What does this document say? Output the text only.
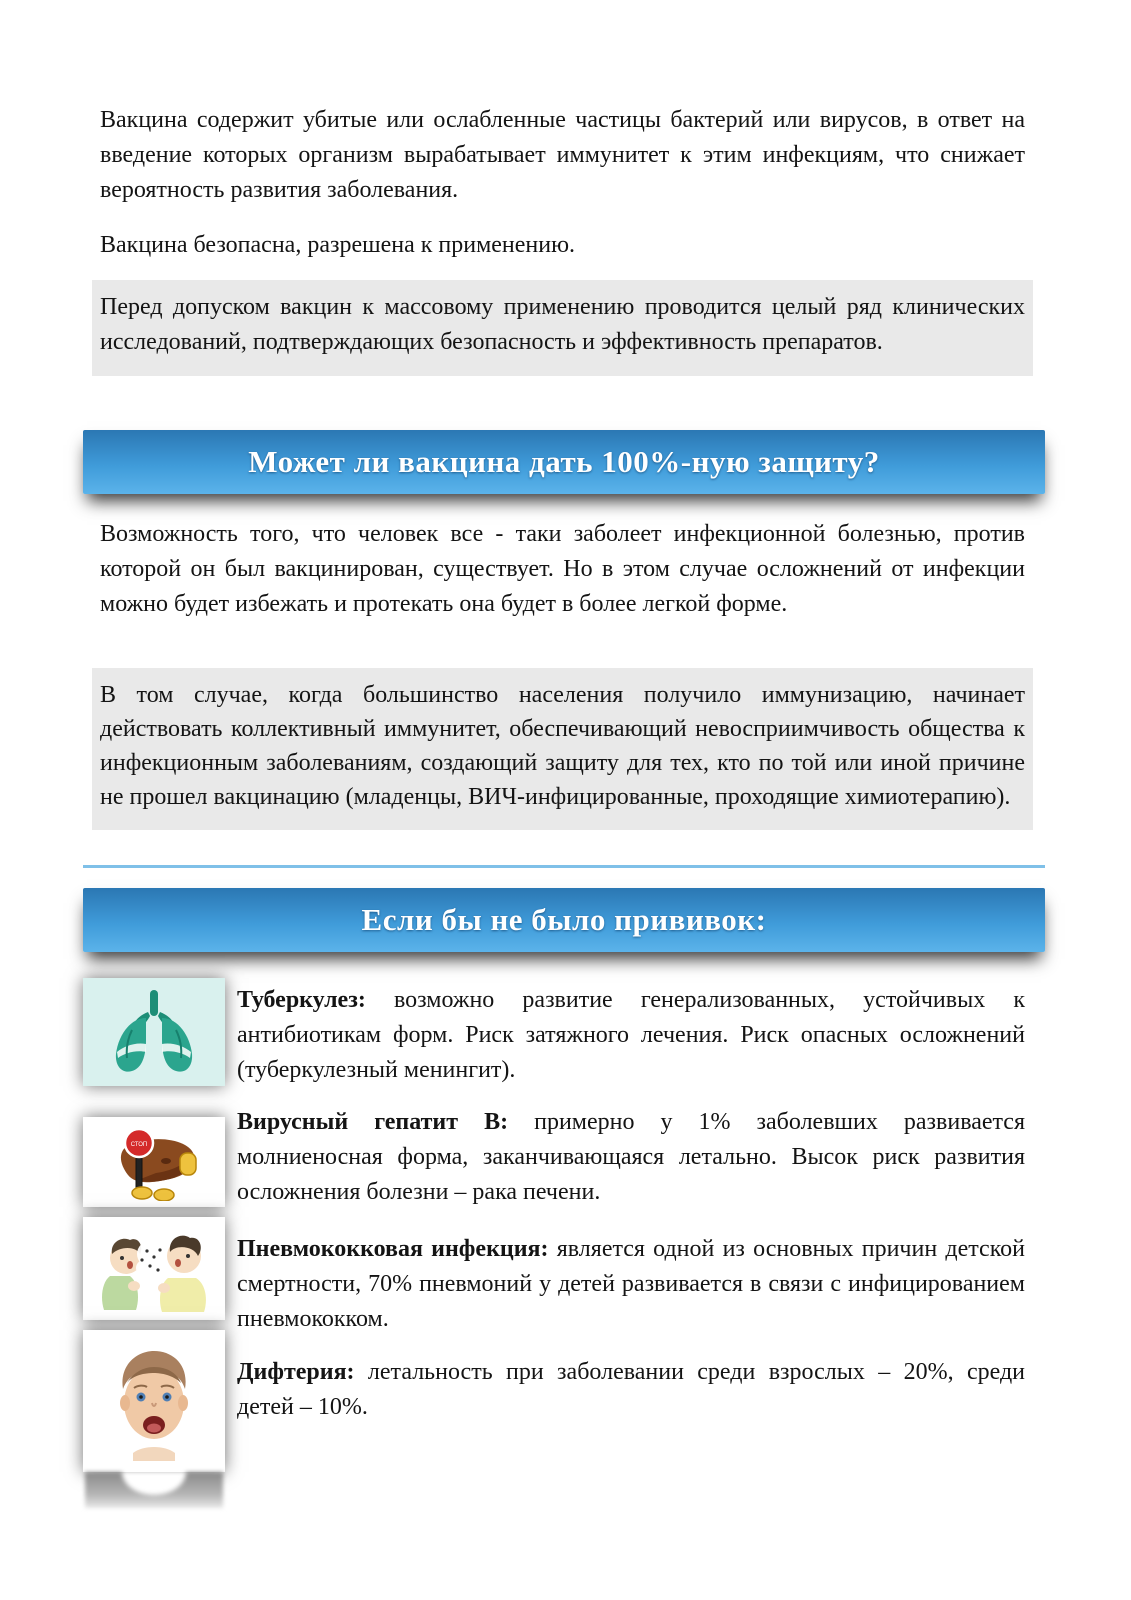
Вакцина содержит убитые или ослабленные частицы бактерий или вирусов, в ответ на введение которых организм вырабатывает иммунитет к этим инфекциям, что снижает вероятность развития заболевания.
Вакцина безопасна, разрешена к применению.
Перед допуском вакцин к массовому применению проводится целый ряд клинических исследований, подтверждающих безопасность и эффективность препаратов.
Может ли вакцина дать 100%-ную защиту?
Возможность того, что человек все - таки заболеет инфекционной болезнью, против которой он был вакцинирован, существует. Но в этом случае осложнений от инфекции можно будет избежать и протекать она будет в более легкой форме.
В том случае, когда большинство населения получило иммунизацию, начинает действовать коллективный иммунитет, обеспечивающий невосприимчивость общества к инфекционным заболеваниям, создающий защиту для тех, кто по той или иной причине не прошел вакцинацию (младенцы, ВИЧ-инфицированные, проходящие химиотерапию).
Если бы не было прививок:
СТОП
Туберкулез: возможно развитие генерализованных, устойчивых к антибиотикам форм. Риск затяжного лечения. Риск опасных осложнений (туберкулезный менингит).
Вирусный гепатит В: примерно у 1% заболевших развивается молниеносная форма, заканчивающаяся летально. Высок риск развития осложнения болезни – рака печени.
Пневмококковая инфекция: является одной из основных причин детской смертности, 70% пневмоний у детей развивается в связи с инфицированием пневмококком.
Дифтерия: летальность при заболевании среди взрослых – 20%, среди детей – 10%.
